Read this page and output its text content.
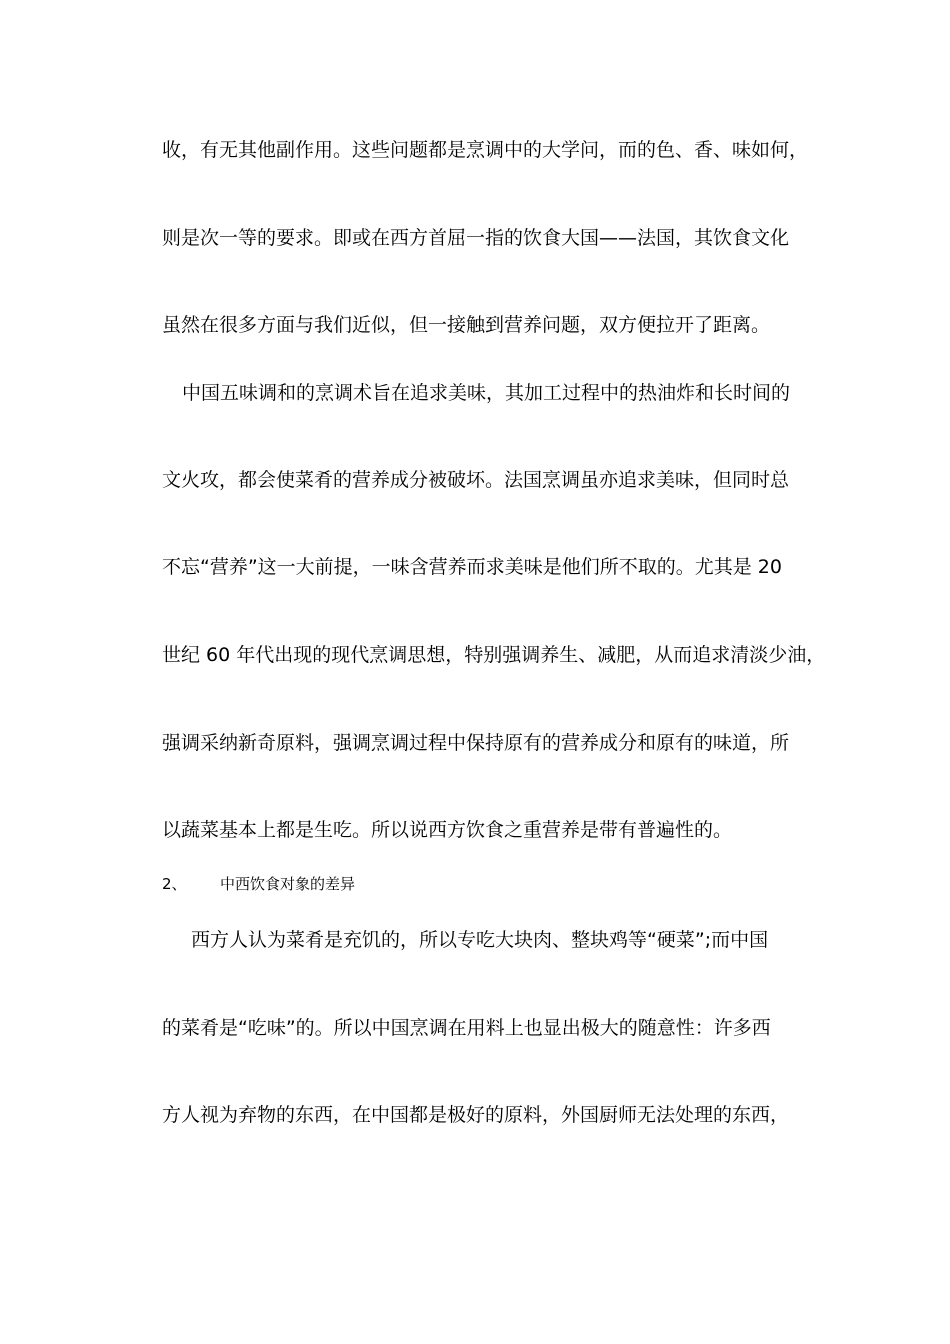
收，有无其他副作用。这些问题都是烹调中的大学问，而的色、香、味如何，
则是次一等的要求。即或在西方首屈一指的饮食大国——法国，其饮食文化
虽然在很多方面与我们近似，但一接触到营养问题，双方便拉开了距离。
中国五味调和的烹调术旨在追求美味，其加工过程中的热油炸和长时间的
文火攻，都会使菜肴的营养成分被破坏。法国烹调虽亦追求美味，但同时总
不忘“营养”这一大前提，一味含营养而求美味是他们所不取的。尤其是 20
世纪 60 年代出现的现代烹调思想，特别强调养生、减肥，从而追求清淡少油，
强调采纳新奇原料，强调烹调过程中保持原有的营养成分和原有的味道，所
以蔬菜基本上都是生吃。所以说西方饮食之重营养是带有普遍性的。
2、 中西饮食对象的差异
西方人认为菜肴是充饥的，所以专吃大块肉、整块鸡等“硬菜”;而中国
的菜肴是“吃味”的。所以中国烹调在用料上也显出极大的随意性：许多西
方人视为弃物的东西，在中国都是极好的原料，外国厨师无法处理的东西，
